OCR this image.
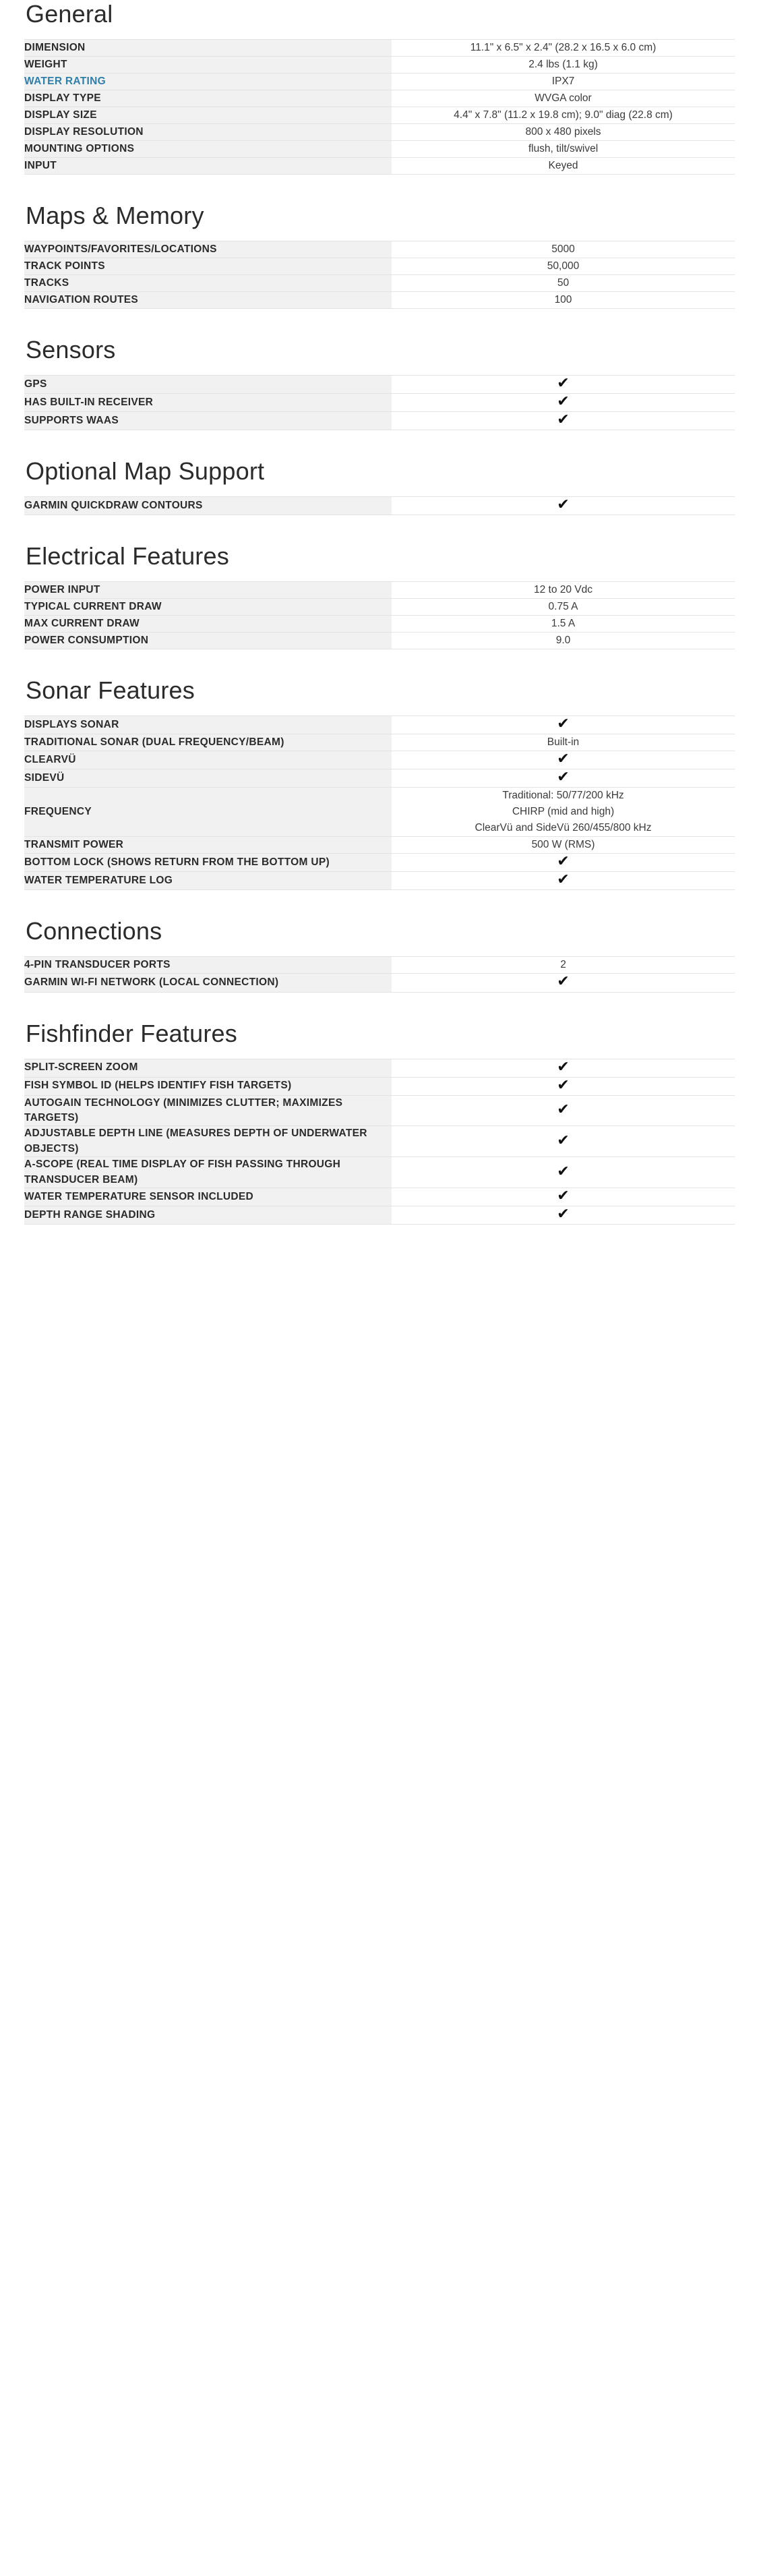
General
DIMENSION	11.1" x 6.5" x 2.4" (28.2 x 16.5 x 6.0 cm)

WEIGHT	2.4 lbs (1.1 kg)

WATER RATING	IPX7

DISPLAY TYPE	WVGA color

DISPLAY SIZE	4.4" x 7.8" (11.2 x 19.8 cm); 9.0" diag (22.8 cm)

DISPLAY RESOLUTION	800 x 480 pixels

MOUNTING OPTIONS	flush, tilt/swivel

INPUT	Keyed
Maps & Memory
WAYPOINTS/FAVORITES/LOCATIONS	5000

TRACK POINTS	50,000

TRACKS	50

NAVIGATION ROUTES	100
Sensors
GPS	✔
HAS BUILT-IN RECEIVER	✔
SUPPORTS WAAS	✔
Optional Map Support
GARMIN QUICKDRAW CONTOURS	✔
Electrical Features
POWER INPUT	12 to 20 Vdc

TYPICAL CURRENT DRAW	0.75 A

MAX CURRENT DRAW	1.5 A

POWER CONSUMPTION	9.0
Sonar Features
DISPLAYS SONAR	✔
TRADITIONAL SONAR (DUAL FREQUENCY/BEAM)	Built-in

CLEARVÜ	✔
SIDEVÜ	✔
FREQUENCY	Traditional: 50/77/200 kHz
CHIRP (mid and high)
ClearVü and SideVü 260/455/800 kHz

TRANSMIT POWER	500 W (RMS)

BOTTOM LOCK (SHOWS RETURN FROM THE BOTTOM UP)	✔
WATER TEMPERATURE LOG	✔
Connections
4-PIN TRANSDUCER PORTS	2

GARMIN WI-FI NETWORK (LOCAL CONNECTION)	✔
Fishfinder Features
SPLIT-SCREEN ZOOM	✔
FISH SYMBOL ID (HELPS IDENTIFY FISH TARGETS)	✔
AUTOGAIN TECHNOLOGY (MINIMIZES CLUTTER; MAXIMIZES TARGETS)	✔
ADJUSTABLE DEPTH LINE (MEASURES DEPTH OF UNDERWATER OBJECTS)	✔
A-SCOPE (REAL TIME DISPLAY OF FISH PASSING THROUGH TRANSDUCER BEAM)	✔
WATER TEMPERATURE SENSOR INCLUDED	✔
DEPTH RANGE SHADING	✔
